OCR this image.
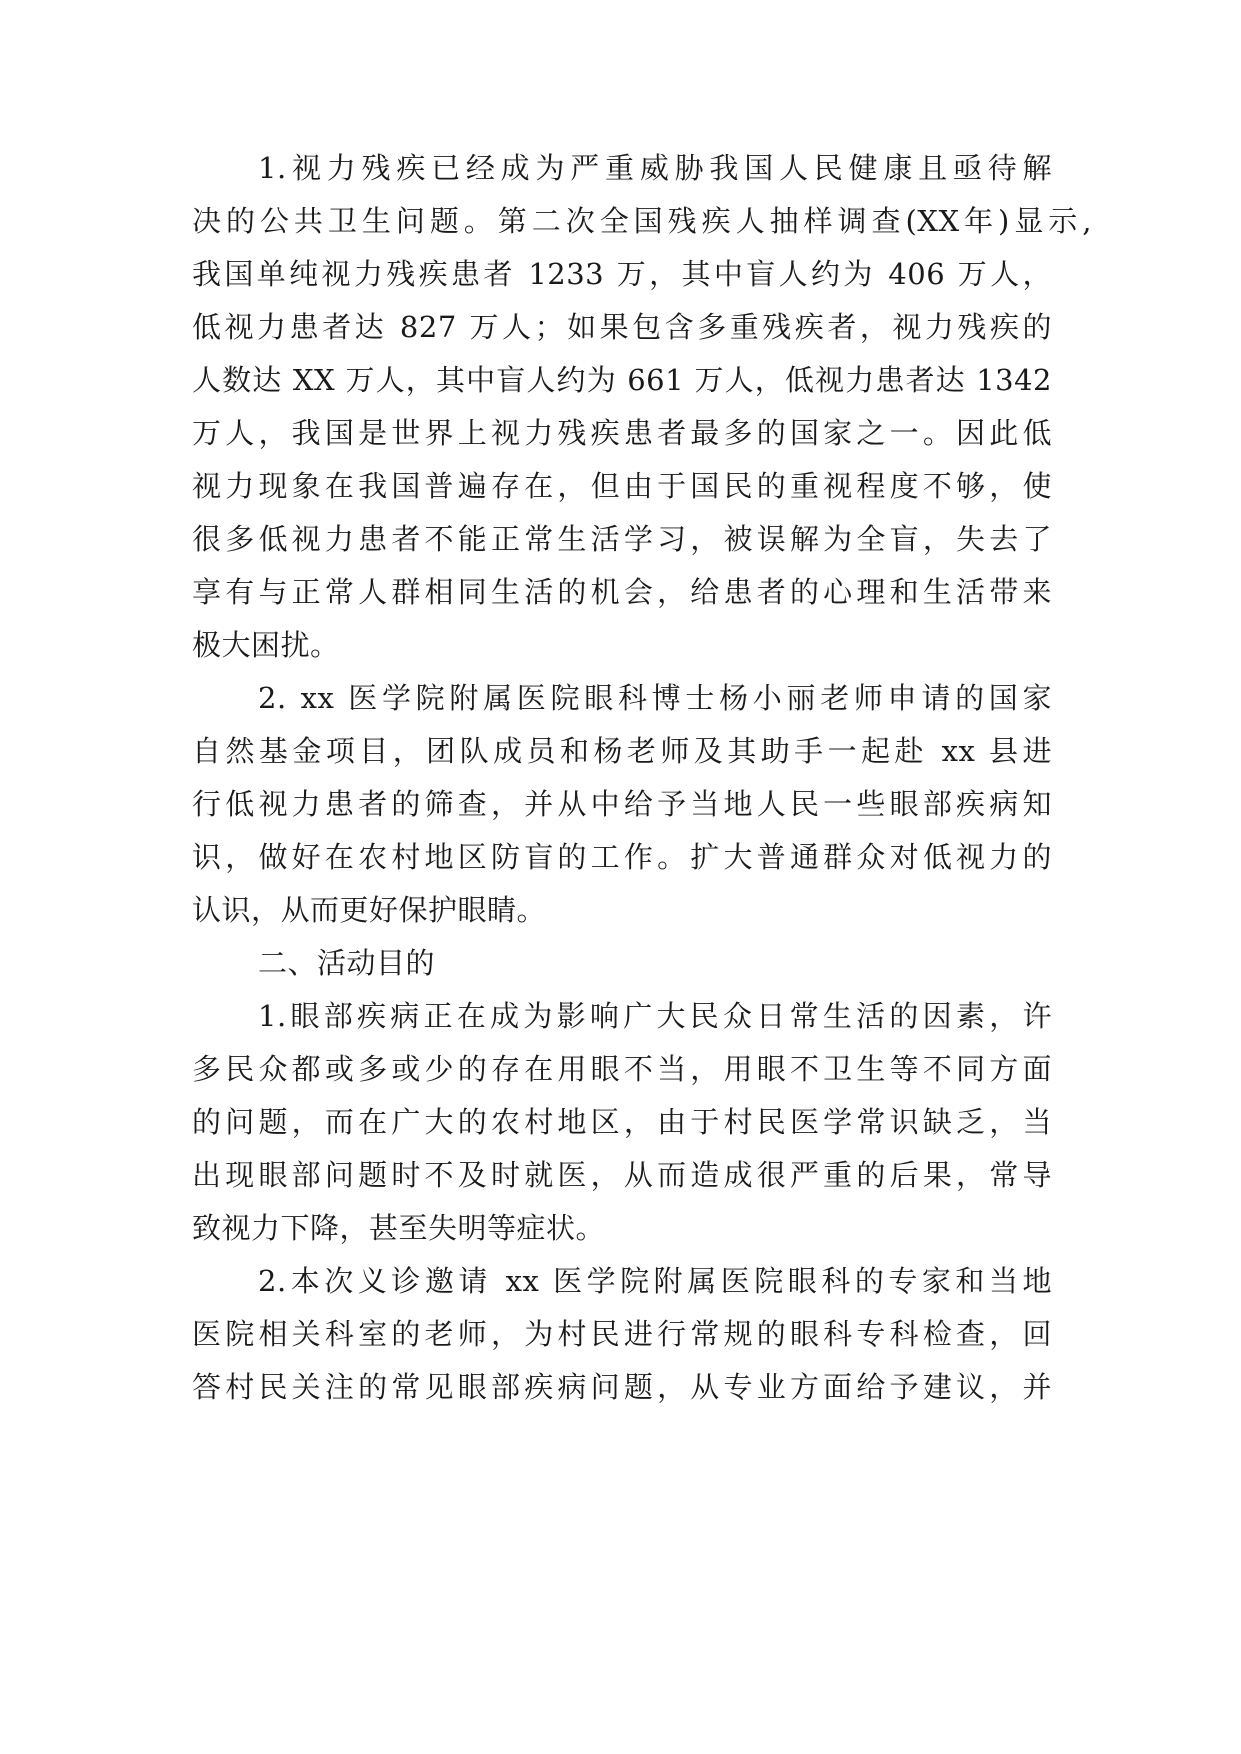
1.视力残疾已经成为严重威胁我国人民健康且亟待解
决的公共卫生问题。第二次全国残疾人抽样调查(XX年)显示,
我国单纯视力残疾患者 1233 万，其中盲人约为 406 万人，
低视力患者达 827 万人；如果包含多重残疾者，视力残疾的
人数达 XX 万人，其中盲人约为 661 万人，低视力患者达 1342
万人，我国是世界上视力残疾患者最多的国家之一。因此低
视力现象在我国普遍存在，但由于国民的重视程度不够，使
很多低视力患者不能正常生活学习，被误解为全盲，失去了
享有与正常人群相同生活的机会，给患者的心理和生活带来
极大困扰。
2. xx 医学院附属医院眼科博士杨小丽老师申请的国家
自然基金项目，团队成员和杨老师及其助手一起赴 xx 县进
行低视力患者的筛查，并从中给予当地人民一些眼部疾病知
识，做好在农村地区防盲的工作。扩大普通群众对低视力的
认识，从而更好保护眼睛。
二、活动目的
1.眼部疾病正在成为影响广大民众日常生活的因素，许
多民众都或多或少的存在用眼不当，用眼不卫生等不同方面
的问题，而在广大的农村地区，由于村民医学常识缺乏，当
出现眼部问题时不及时就医，从而造成很严重的后果，常导
致视力下降，甚至失明等症状。
2.本次义诊邀请 xx 医学院附属医院眼科的专家和当地
医院相关科室的老师，为村民进行常规的眼科专科检查，回
答村民关注的常见眼部疾病问题，从专业方面给予建议，并
